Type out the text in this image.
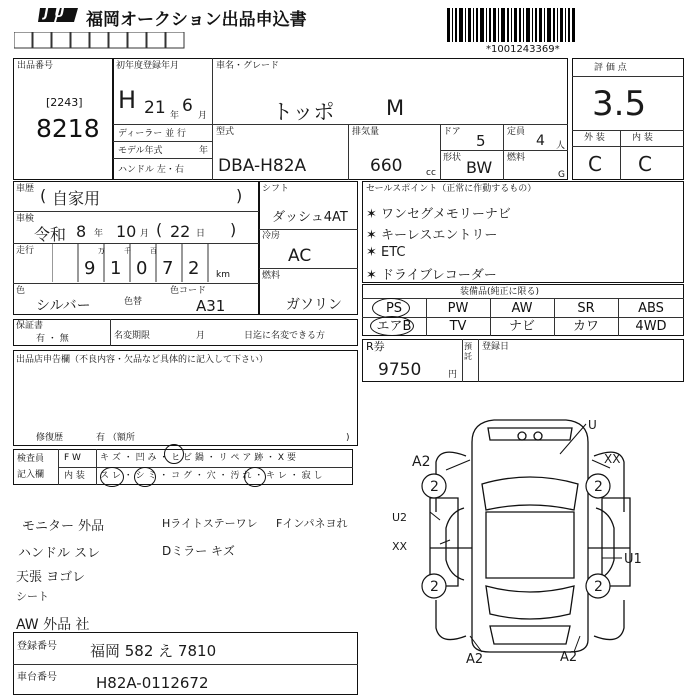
JU 福岡オークション出品申込書
*1001243369*
出品番号
[2243]
8218
初年度登録年月
H 21 年 6 月
ディーラー 並 行
モデル年式	年
ハンドル 左・右
車名・グレード
トッポ M
型式
DBA-H82A
排気量
660	cc
ドア 5 定員
4 人
形状 BW 燃料
G
評 価 点
3.5
外 装	内 装
C C
車歴 ( 自家用	)
車検
令和 8 年 10 月 ( 22 日 )
走行	万	千	百
9 1 0 7 2 km
色
シルバー	色替
色コード
A31
シフト
ダッシュ4AT
冷房
AC
燃料
ガソリン
セールスポイント（正常に作動するもの）
✶ ワンセグメモリーナビ
✶ キーレスエントリー
✶ ETC
✶ ドライブレコーダー
装備品(純正に限る)
PS	PW	AW	SR	ABS
エアB	TV	ナビ	カワ	4WD
保証書
有 ・ 無	名変期限	月	日迄に名変できる方
R券
9750	円
預託
登録日
出品店申告欄（不良内容・欠品など具体的に記入して下さい）
修復歴	有 （額所	)
検査員
記入欄
F W
内 装
キ ズ ・ 凹 み ・ ヒ ビ 鍋 ・ リ ペ ア 跡 ・ X 要
ス レ ・ シ ミ ・ コ グ ・ 穴 ・ 汚 れ ・ キ レ ・ 寂 し
モニター 外品	Hライトステーワレ Fインパネヨれ
ハンドル スレ	Dミラー キズ
天張 ヨゴレ
シート
AW 外品 社
登録番号 福岡 582 え 7810
車台番号	H82A-0112672
U
A2	XX
U2
XX
U1
A2	A2
2	2
2	2
